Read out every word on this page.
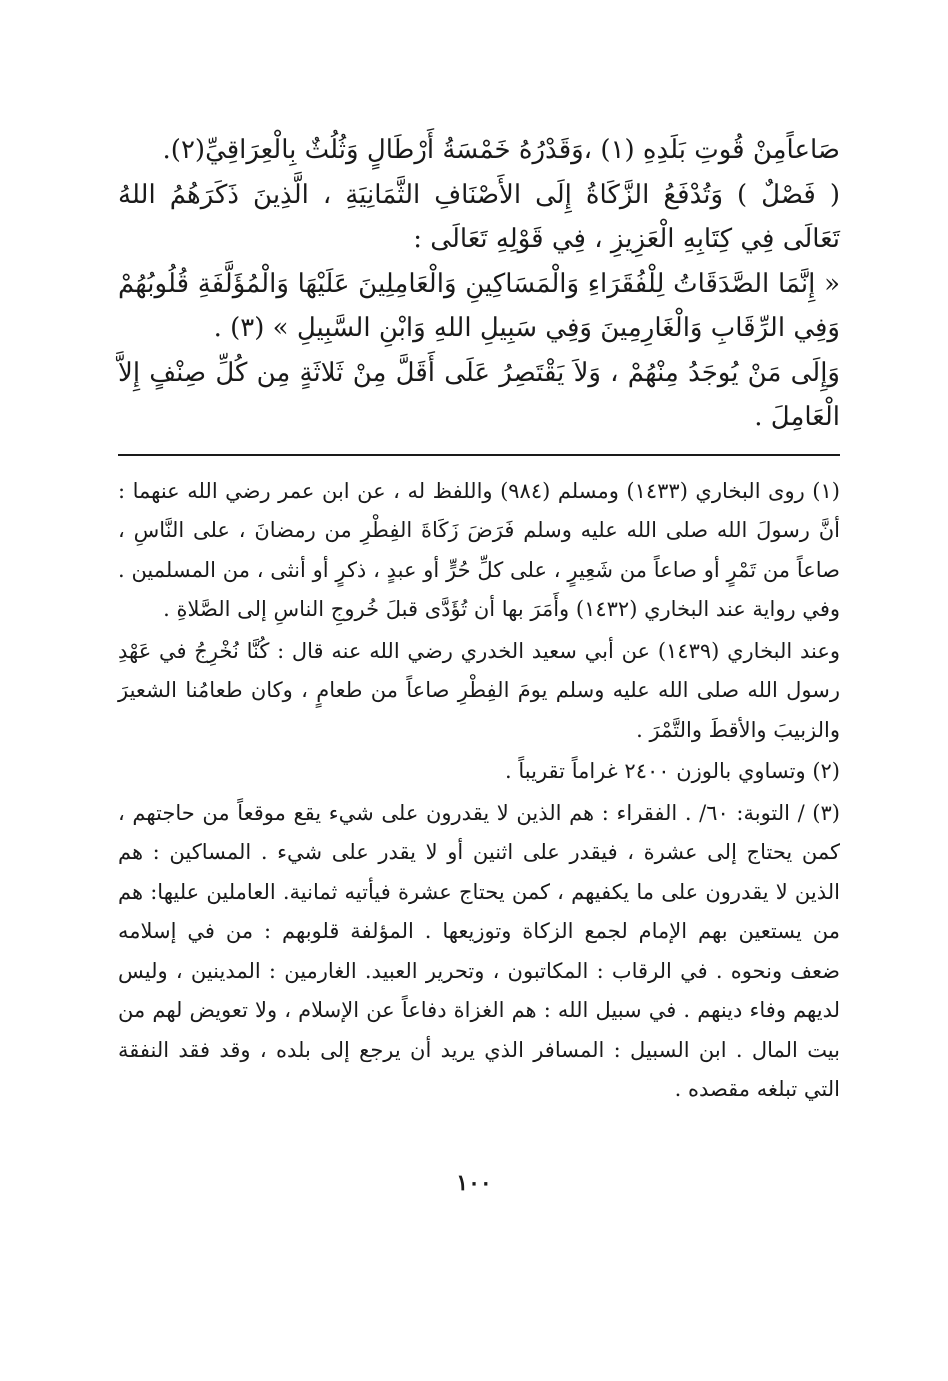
صَاعاًمِنْ قُوتِ بَلَدِهِ (١) ،وَقَدْرُهُ خَمْسَةُ أَرْطَالٍ وَثُلُثٌ بِالْعِرَاقِيِّ(٢).

( فَصْلٌ ) وَتُدْفَعُ الزَّكَاةُ إِلَى الأَصْنَافِ الثَّمَانِيَةِ ، الَّذِينَ ذَكَرَهُمُ اللهُ تَعَالَى فِي كِتَابِهِ الْعَزِيزِ ، فِي قَوْلِهِ تَعَالَى :

« إِنَّمَا الصَّدَقَاتُ لِلْفُقَرَاءِ وَالْمَسَاكِينِ وَالْعَامِلِينَ عَلَيْهَا وَالْمُؤَلَّفَةِ قُلُوبُهُمْ وَفِي الرِّقَابِ وَالْغَارِمِينَ وَفِي سَبِيلِ اللهِ وَابْنِ السَّبِيلِ » (٣) .

وَإِلَى مَنْ يُوجَدُ مِنْهُمْ ، وَلاَ يَقْتَصِرُ عَلَى أَقَلَّ مِنْ ثَلاثَةٍ مِن كُلِّ صِنْفٍ إِلاَّ الْعَامِلَ .

(١) روى البخاري (١٤٣٣) ومسلم (٩٨٤) واللفظ له ، عن ابن عمر رضي الله عنهما : أنَّ رسولَ الله صلى الله عليه وسلم فَرَضَ زَكَاةَ الفِطْرِ من رمضانَ ، على النَّاسِ ، صاعاً من تَمْرٍ أو صاعاً من شَعِيرٍ ، على كلِّ حُرٍّ أو عبدٍ ، ذكرٍ أو أنثى ، من المسلمين . وفي رواية عند البخاري (١٤٣٢) وأَمَرَ بها أن تُؤَدَّى قبلَ خُروجِ الناسِ إلى الصَّلاةِ .

وعند البخاري (١٤٣٩) عن أبي سعيد الخدري رضي الله عنه قال : كُنَّا نُخْرِجُ في عَهْدِ رسول الله صلى الله عليه وسلم يومَ الفِطْرِ صاعاً من طعامٍ ، وكان طعامُنا الشعيرَ والزبيبَ والأقطَ والتَّمْرَ .

(٢) وتساوي بالوزن ٢٤٠٠ غراماً تقريباً .

(٣) / التوبة: ٦٠/ . الفقراء : هم الذين لا يقدرون على شيء يقع موقعاً من حاجتهم ، كمن يحتاج إلى عشرة ، فيقدر على اثنين أو لا يقدر على شيء . المساكين : هم الذين لا يقدرون على ما يكفيهم ، كمن يحتاج عشرة فيأتيه ثمانية. العاملين عليها: هم من يستعين بهم الإمام لجمع الزكاة وتوزيعها . المؤلفة قلوبهم : من في إسلامه ضعف ونحوه . في الرقاب : المكاتبون ، وتحرير العبيد. الغارمين : المدينين ، وليس لديهم وفاء دينهم . في سبيل الله : هم الغزاة دفاعاً عن الإسلام ، ولا تعويض لهم من بيت المال . ابن السبيل : المسافر الذي يريد أن يرجع إلى بلده ، وقد فقد النفقة التي تبلغه مقصده .

١٠٠
